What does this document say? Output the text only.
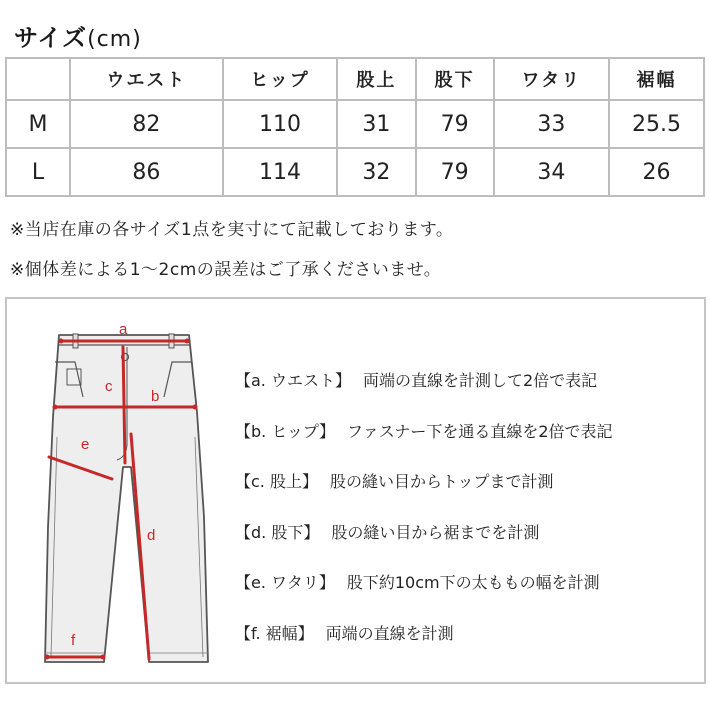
サイズ(cm)
	ウエスト	ヒップ	股上	股下	ワタリ	裾幅
M	82	110	31	79	33	25.5
L	86	114	32	79	34	26
※当店在庫の各サイズ1点を実寸にて記載しております。
※個体差による1〜2cmの誤差はご了承くださいませ。
a
b
c
d
e
f
【a. ウエスト】 両端の直線を計測して2倍で表記
【b. ヒップ】 ファスナー下を通る直線を2倍で表記
【c. 股上】 股の縫い目からトップまで計測
【d. 股下】 股の縫い目から裾までを計測
【e. ワタリ】 股下約10cm下の太ももの幅を計測
【f. 裾幅】 両端の直線を計測
